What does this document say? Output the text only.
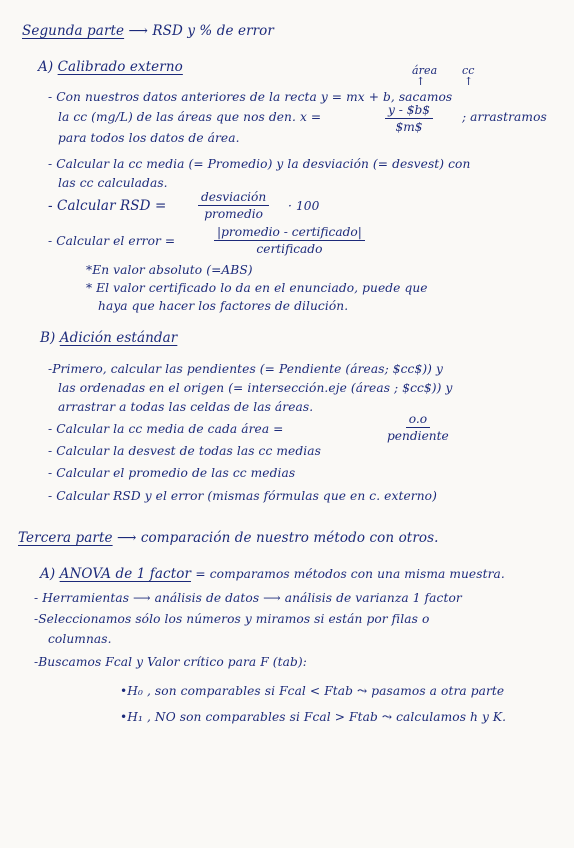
Segunda parte ⟶ RSD y % de error
A) Calibrado externo	área cc
↑	↑
- Con nuestros datos anteriores de la recta y = mx + b, sacamos
la cc (mg/L) de las áreas que nos den. x =	$\frac{y - \$b\$}{\$m\$}$ ; arrastramos
para todos los datos de área.
- Calcular la cc media (= Promedio) y la desviación (= desvest) con
las cc calculadas.
- Calcular RSD =
desviación
promedio
· 100
- Calcular el error =
|promedio - certificado|
certificado
*En valor absoluto (=ABS)
* El valor certificado lo da en el enunciado, puede que
haya que hacer los factores de dilución.
B) Adición estándar
-Primero, calcular las pendientes (= Pendiente (áreas; $cc$)) y
las ordenadas en el origen (= intersección.eje (áreas ; $cc$)) y
arrastrar a todas las celdas de las áreas.
- Calcular la cc media de cada área =
o.o
pendiente
- Calcular la desvest de todas las cc medias
- Calcular el promedio de las cc medias
- Calcular RSD y el error (mismas fórmulas que en c. externo)
Tercera parte ⟶ comparación de nuestro método con otros.
A) ANOVA de 1 factor = comparamos métodos con una misma muestra.
- Herramientas ⟶ análisis de datos ⟶ análisis de varianza 1 factor
-Seleccionamos sólo los números y miramos si están por filas o
columnas.
-Buscamos Fcal y Valor crítico para F (tab):
•H₀ , son comparables si Fcal < Ftab ⤳ pasamos a otra parte
•H₁ , NO son comparables si Fcal > Ftab ⤳ calculamos h y K.
